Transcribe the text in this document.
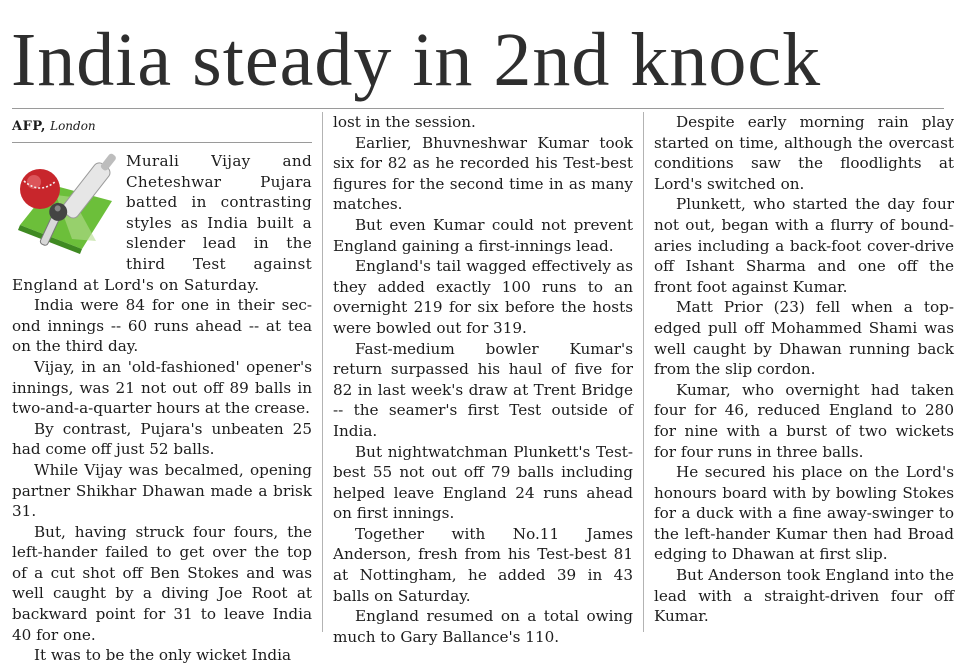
India steady in 2nd knock
AFP, London

Murali Vijay and Cheteshwar Pujara batted in contrasting styles as India built a slender lead in the third Test against England at Lord's on Saturday.

India were 84 for one in their second innings -- 60 runs ahead -- at tea on the third day.

Vijay, in an 'old-fashioned' opener's innings, was 21 not out off 89 balls in two-and-a-quarter hours at the crease.

By contrast, Pujara's unbeaten 25 had come off just 52 balls.

While Vijay was becalmed, opening partner Shikhar Dhawan made a brisk 31.

But, having struck four fours, the left-hander failed to get over the top of a cut shot off Ben Stokes and was well caught by a diving Joe Root at backward point for 31 to leave India 40 for one.

It was to be the only wicket India

lost in the session.

Earlier, Bhuvneshwar Kumar took six for 82 as he recorded his Test-best figures for the second time in as many matches.

But even Kumar could not prevent England gaining a first-innings lead.

England's tail wagged effectively as they added exactly 100 runs to an overnight 219 for six before the hosts were bowled out for 319.

Fast-medium bowler Kumar's return surpassed his haul of five for 82 in last week's draw at Trent Bridge -- the seamer's first Test outside of India.

But nightwatchman Plunkett's Test-best 55 not out off 79 balls including helped leave England 24 runs ahead on first innings.

Together with No.11 James Anderson, fresh from his Test-best 81 at Nottingham, he added 39 in 43 balls on Saturday.

England resumed on a total owing much to Gary Ballance's 110.

Despite early morning rain play started on time, although the overcast conditions saw the floodlights at Lord's switched on.

Plunkett, who started the day four not out, began with a flurry of boundaries including a back-foot cover-drive off Ishant Sharma and one off the front foot against Kumar.

Matt Prior (23) fell when a top-edged pull off Mohammed Shami was well caught by Dhawan running back from the slip cordon.

Kumar, who overnight had taken four for 46, reduced England to 280 for nine with a burst of two wickets for four runs in three balls.

He secured his place on the Lord's honours board with by bowling Stokes for a duck with a fine away-swinger to the left-hander Kumar then had Broad edging to Dhawan at first slip.

But Anderson took England into the lead with a straight-driven four off Kumar.
